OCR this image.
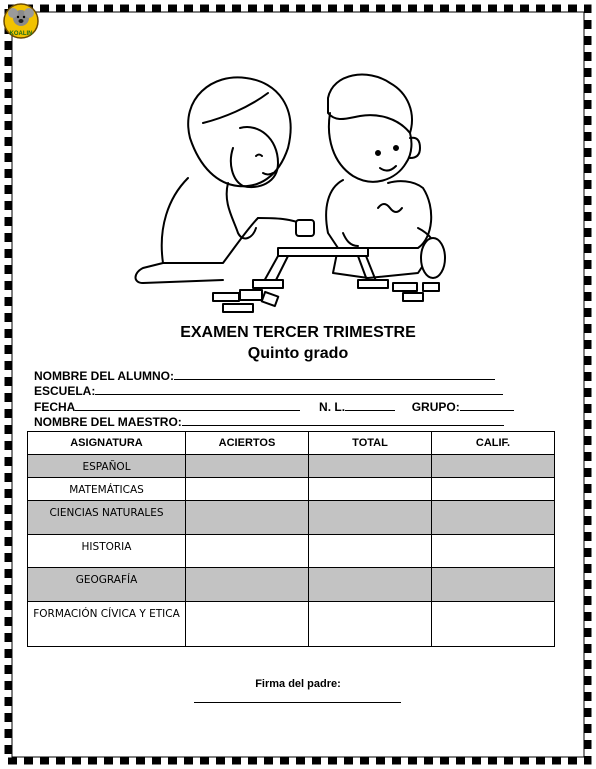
KOALIN
EXAMEN TERCER TRIMESTRE
Quinto grado
NOMBRE DEL ALUMNO:
ESCUELA:
FECHA	N. L.	GRUPO:
NOMBRE DEL MAESTRO:
ASIGNATURA	ACIERTOS	TOTAL	CALIF.
ESPAÑOL			
MATEMÁTICAS			
CIENCIAS NATURALES			
HISTORIA			
GEOGRAFÍA			
FORMACIÓN CÍVICA Y ETICA			
Firma del padre:
